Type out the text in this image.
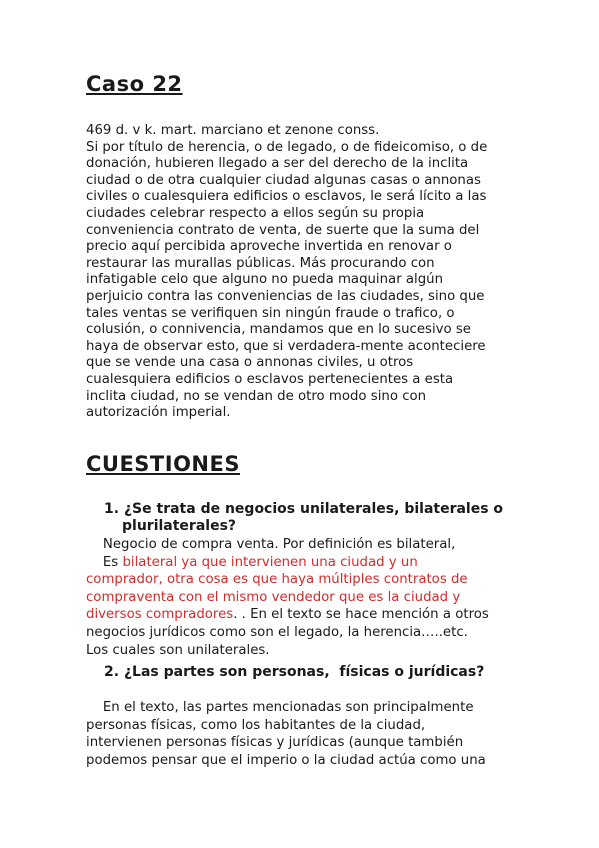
Caso 22
469 d. v k. mart. marciano et zenone conss.
Si por título de herencia, o de legado, o de fideicomiso, o de
donación, hubieren llegado a ser del derecho de la inclita
ciudad o de otra cualquier ciudad algunas casas o annonas
civiles o cualesquiera edificios o esclavos, le será lícito a las
ciudades celebrar respecto a ellos según su propia
conveniencia contrato de venta, de suerte que la suma del
precio aquí percibida aproveche invertida en renovar o
restaurar las murallas públicas. Más procurando con
infatigable celo que alguno no pueda maquinar algún
perjuicio contra las conveniencias de las ciudades, sino que
tales ventas se verifiquen sin ningún fraude o trafico, o
colusión, o connivencia, mandamos que en lo sucesivo se
haya de observar esto, que si verdadera-mente aconteciere
que se vende una casa o annonas civiles, u otros
cualesquiera edificios o esclavos pertenecientes a esta
inclita ciudad, no se vendan de otro modo sino con
autorización imperial.
CUESTIONES
1. ¿Se trata de negocios unilaterales, bilaterales o
plurilaterales?
Negocio de compra venta. Por definición es bilateral,
Es bilateral ya que intervienen una ciudad y un
comprador, otra cosa es que haya múltiples contratos de
compraventa con el mismo vendedor que es la ciudad y
diversos compradores. . En el texto se hace mención a otros
negocios jurídicos como son el legado, la herencia…..etc.
Los cuales son unilaterales.
2. ¿Las partes son personas,  físicas o jurídicas?
En el texto, las partes mencionadas son principalmente
personas físicas, como los habitantes de la ciudad,
intervienen personas físicas y jurídicas (aunque también
podemos pensar que el imperio o la ciudad actúa como una
